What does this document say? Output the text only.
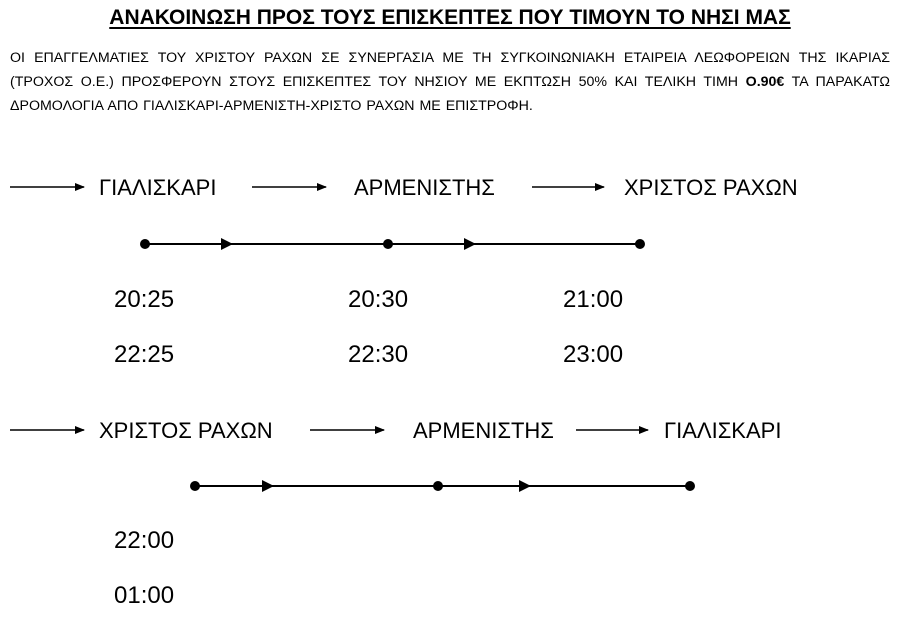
ΑΝΑΚΟΙΝΩΣΗ ΠΡΟΣ ΤΟΥΣ ΕΠΙΣΚΕΠΤΕΣ ΠΟΥ ΤΙΜΟΥΝ ΤΟ ΝΗΣΙ ΜΑΣ
ΟΙ ΕΠΑΓΓΕΛΜΑΤΙΕΣ ΤΟΥ ΧΡΙΣΤΟΥ ΡΑΧΩΝ ΣΕ ΣΥΝΕΡΓΑΣΙΑ ΜΕ ΤΗ ΣΥΓΚΟΙΝΩΝΙΑΚΗ ΕΤΑΙΡΕΙΑ ΛΕΩΦΟΡΕΙΩΝ ΤΗΣ ΙΚΑΡΙΑΣ (ΤΡΟΧΟΣ Ο.Ε.) ΠΡΟΣΦΕΡΟΥΝ ΣΤΟΥΣ ΕΠΙΣΚΕΠΤΕΣ ΤΟΥ ΝΗΣΙΟΥ ΜΕ ΕΚΠΤΩΣΗ 50% ΚΑΙ ΤΕΛΙΚΗ ΤΙΜΗ Ο.90€ ΤΑ ΠΑΡΑΚΑΤΩ ΔΡΟΜΟΛΟΓΙΑ ΑΠΟ ΓΙΑΛΙΣΚΑΡΙ-ΑΡΜΕΝΙΣΤΗ-ΧΡΙΣΤΟ ΡΑΧΩΝ ΜΕ ΕΠΙΣΤΡΟΦΗ.
ΓΙΑΛΙΣΚΑΡΙ	ΑΡΜΕΝΙΣΤΗΣ	ΧΡΙΣΤΟΣ ΡΑΧΩΝ
20:25	20:30	21:00
22:25	22:30	23:00
ΧΡΙΣΤΟΣ ΡΑΧΩΝ	ΑΡΜΕΝΙΣΤΗΣ	ΓΙΑΛΙΣΚΑΡΙ
22:00
01:00
